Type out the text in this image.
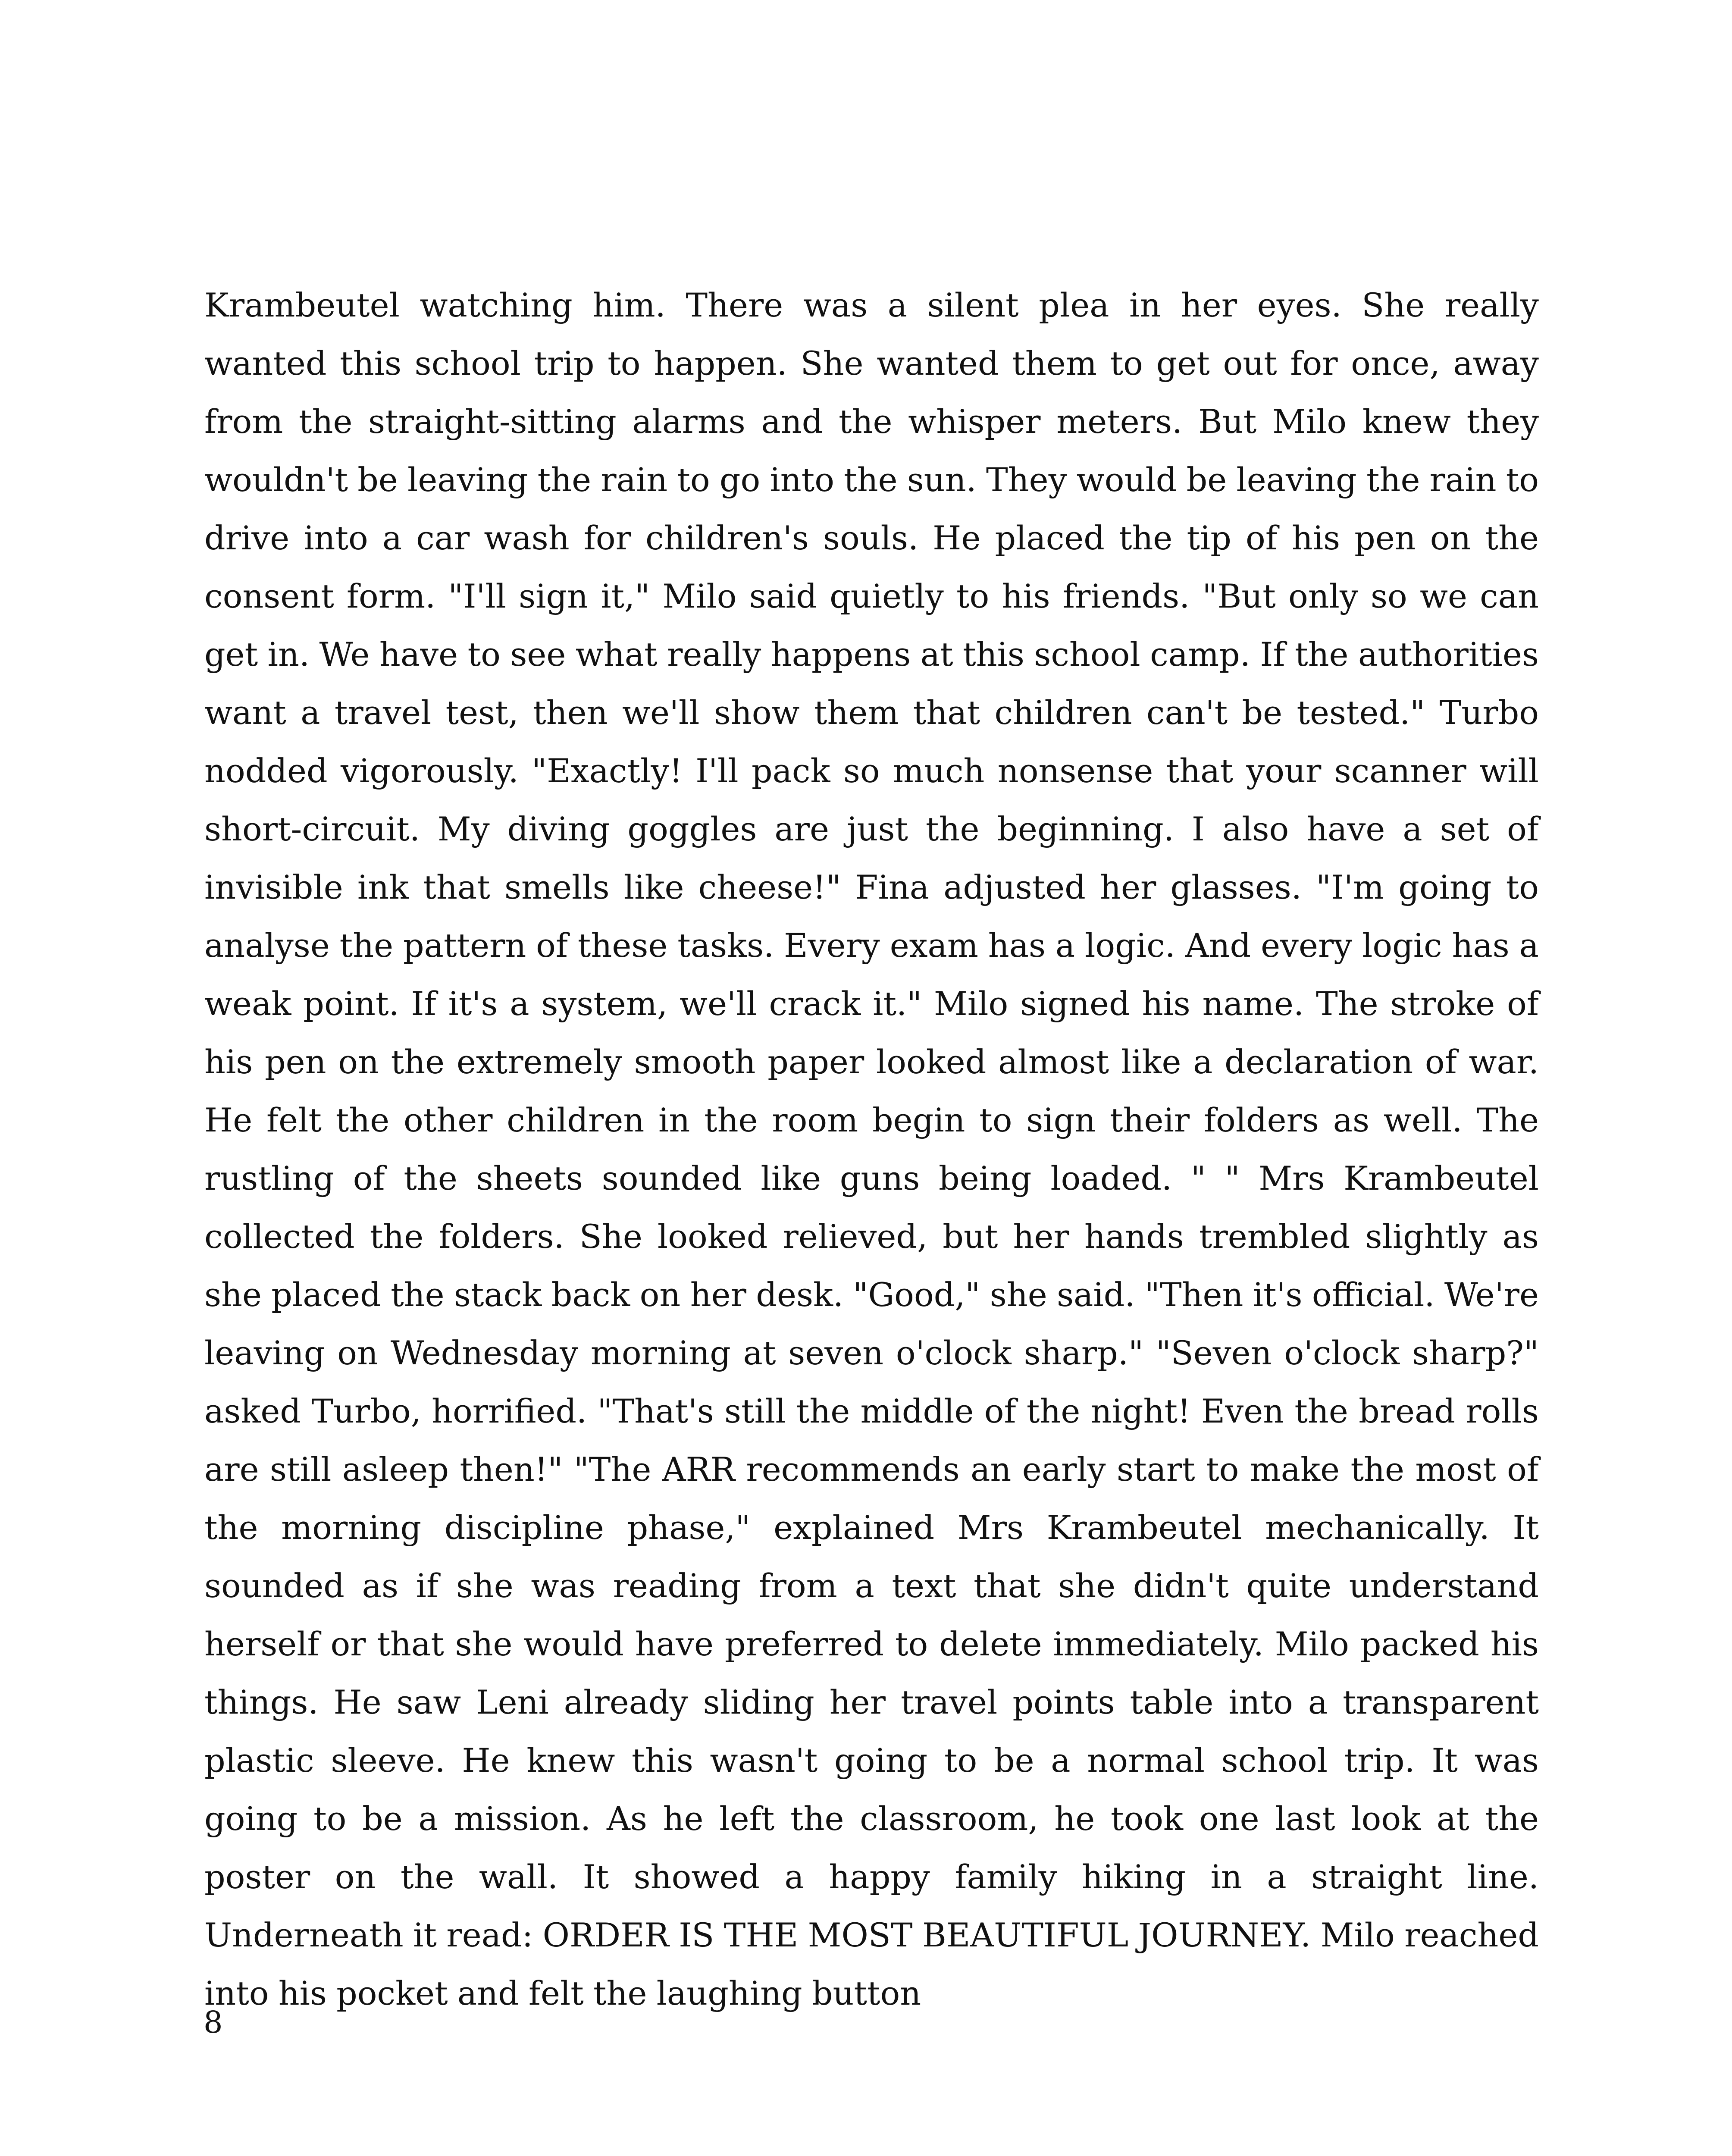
Krambeutel watching him. There was a silent plea in her eyes. She really wanted this school trip to happen. She wanted them to get out for once, away from the straight-sitting alarms and the whisper meters. But Milo knew they wouldn't be leaving the rain to go into the sun. They would be leaving the rain to drive into a car wash for children's souls. He placed the tip of his pen on the consent form. "I'll sign it," Milo said quietly to his friends. "But only so we can get in. We have to see what really happens at this school camp. If the authorities want a travel test, then we'll show them that children can't be tested." Turbo nodded vigorously. "Exactly! I'll pack so much nonsense that your scanner will short-circuit. My diving goggles are just the beginning. I also have a set of invisible ink that smells like cheese!" Fina adjusted her glasses. "I'm going to analyse the pattern of these tasks. Every exam has a logic. And every logic has a weak point. If it's a system, we'll crack it." Milo signed his name. The stroke of his pen on the extremely smooth paper looked almost like a declaration of war. He felt the other children in the room begin to sign their folders as well. The rustling of the sheets sounded like guns being loaded. " " Mrs Krambeutel collected the folders. She looked relieved, but her hands trembled slightly as she placed the stack back on her desk. "Good," she said. "Then it's official. We're leaving on Wednesday morning at seven o'clock sharp." "Seven o'clock sharp?" asked Turbo, horrified. "That's still the middle of the night! Even the bread rolls are still asleep then!" "The ARR recommends an early start to make the most of the morning discipline phase," explained Mrs Krambeutel mechanically. It sounded as if she was reading from a text that she didn't quite understand herself or that she would have preferred to delete immediately. Milo packed his things. He saw Leni already sliding her travel points table into a transparent plastic sleeve. He knew this wasn't going to be a normal school trip. It was going to be a mission. As he left the classroom, he took one last look at the poster on the wall. It showed a happy family hiking in a straight line. Underneath it read: ORDER IS THE MOST BEAUTIFUL JOURNEY. Milo reached into his pocket and felt the laughing button

8
